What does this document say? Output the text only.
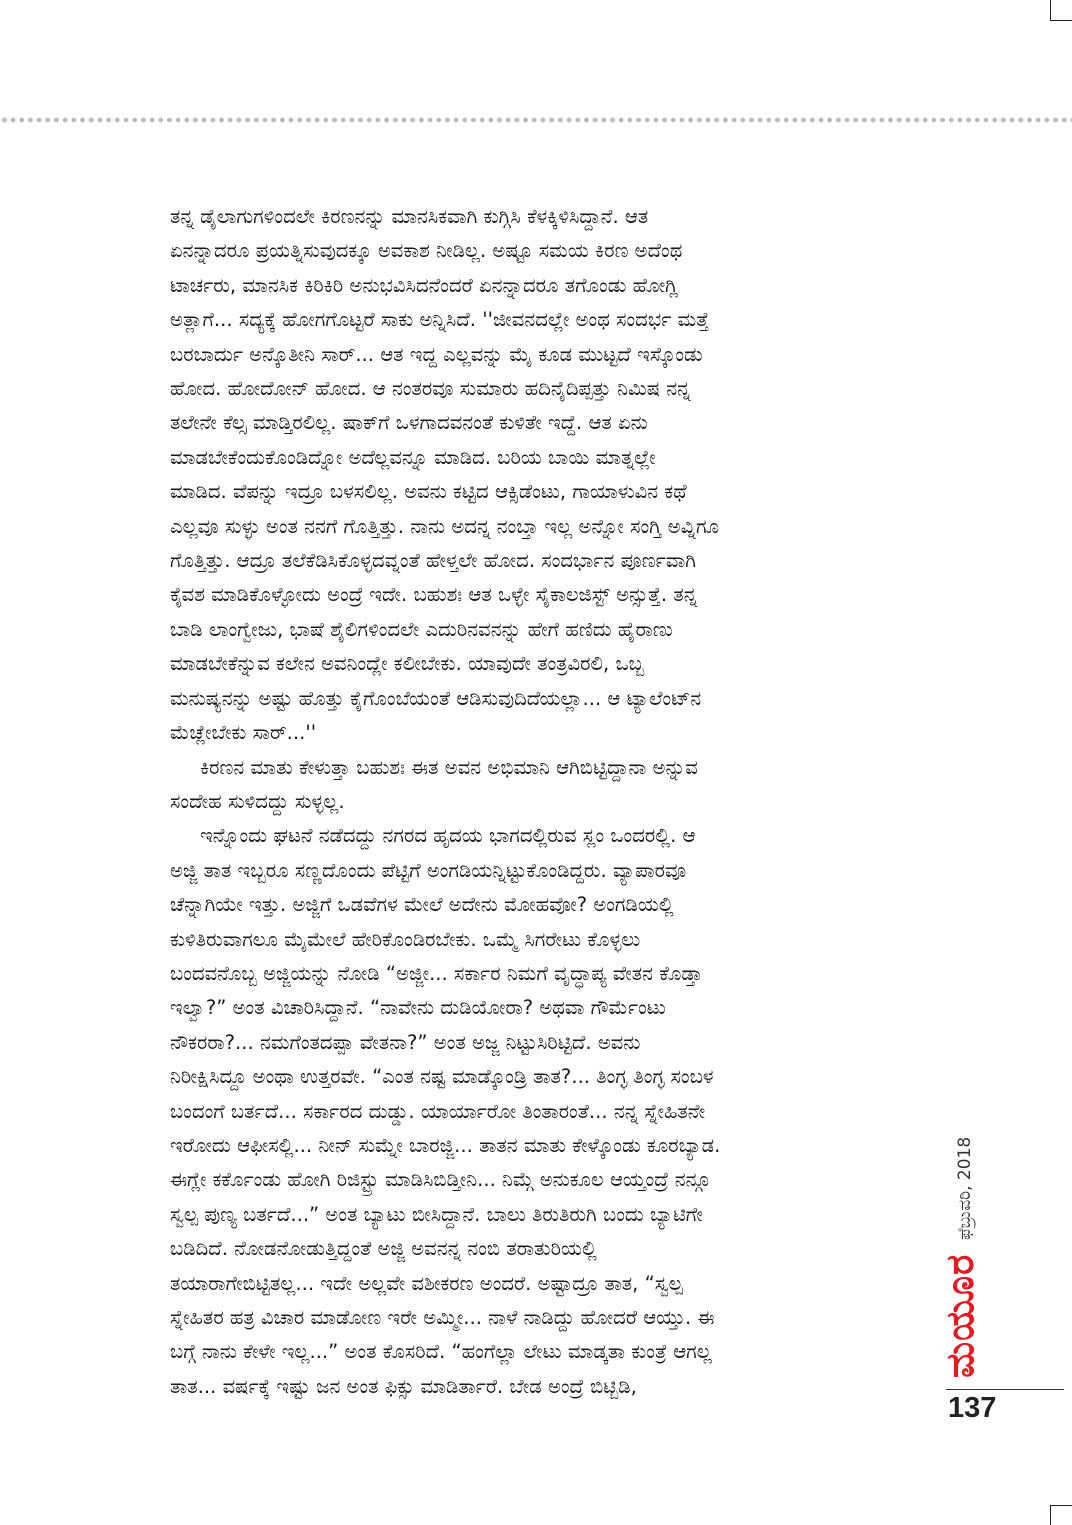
ತನ್ನ ಡೈಲಾಗುಗಳಿಂದಲೇ ಕಿರಣನನ್ನು ಮಾನಸಿಕವಾಗಿ ಕುಗ್ಗಿಸಿ ಕೆಳಕ್ಕಿಳಿಸಿದ್ದಾನೆ. ಆತ
ಏನನ್ನಾದರೂ ಪ್ರಯತ್ನಿಸುವುದಕ್ಕೂ ಅವಕಾಶ ನೀಡಿಲ್ಲ. ಅಷ್ಟೂ ಸಮಯ ಕಿರಣ ಅದೆಂಥ
ಟಾರ್ಚರು, ಮಾನಸಿಕ ಕಿರಿಕಿರಿ ಅನುಭವಿಸಿದನೆಂದರೆ ಏನನ್ನಾದರೂ ತಗೊಂಡು ಹೋಗ್ಲಿ
ಅತ್ಲಾಗೆ... ಸದ್ಯಕ್ಕೆ ಹೋಗಗೊಟ್ಟರೆ ಸಾಕು ಅನ್ನಿಸಿದೆ. ''ಜೀವನದಲ್ಲೇ ಅಂಥ ಸಂದರ್ಭ ಮತ್ತೆ
ಬರಬಾರ್ದು ಅನ್ಕೊತೀನಿ ಸಾರ್... ಆತ ಇದ್ದ ಎಲ್ಲವನ್ನು ಮೈ ಕೂಡ ಮುಟ್ಟದೆ ಇಸ್ಕೊಂಡು
ಹೋದ. ಹೋದೋನ್ ಹೋದ. ಆ ನಂತರವೂ ಸುಮಾರು ಹದಿನೈದಿಪ್ಪತ್ತು ನಿಮಿಷ ನನ್ನ
ತಲೇನೇ ಕೆಲ್ಸ ಮಾಡ್ತಿರಲಿಲ್ಲ. ಷಾಕ್‌ಗೆ ಒಳಗಾದವನಂತೆ ಕುಳಿತೇ ಇದ್ದೆ. ಆತ ಏನು
ಮಾಡಬೇಕೆಂದುಕೊಂಡಿದ್ನೋ ಅದೆಲ್ಲವನ್ನೂ ಮಾಡಿದ. ಬರಿಯ ಬಾಯಿ ಮಾತ್ನಲ್ಲೇ
ಮಾಡಿದ. ವೆಪನ್ನು ಇದ್ರೂ ಬಳಸಲಿಲ್ಲ. ಅವನು ಕಟ್ಟಿದ ಆಕ್ಸಿಡೆಂಟು, ಗಾಯಾಳುವಿನ ಕಥೆ
ಎಲ್ಲವೂ ಸುಳ್ಳು ಅಂತ ನನಗೆ ಗೊತ್ತಿತ್ತು. ನಾನು ಅದನ್ನ ನಂಬ್ತಾ ಇಲ್ಲ ಅನ್ನೋ ಸಂಗ್ತಿ ಅವ್ನಿಗೂ
ಗೊತ್ತಿತ್ತು. ಆದ್ರೂ ತಲೆಕೆಡಿಸಿಕೊಳ್ಳದವ್ನಂತೆ ಹೇಳ್ತಲೇ ಹೋದ. ಸಂದರ್ಭಾನ ಪೂರ್ಣವಾಗಿ
ಕೈವಶ ಮಾಡಿಕೊಳ್ಳೋದು ಅಂದ್ರೆ ಇದೇ. ಬಹುಶಃ ಆತ ಒಳ್ಳೇ ಸೈಕಾಲಜಿಸ್ಟ್ ಅನ್ಸುತ್ತೆ. ತನ್ನ
ಬಾಡಿ ಲಾಂಗ್ವೇಜು, ಭಾಷೆ ಶೈಲಿಗಳಿಂದಲೇ ಎದುರಿನವನನ್ನು ಹೇಗೆ ಹಣಿದು ಹೈರಾಣು
ಮಾಡಬೇಕೆನ್ನುವ ಕಲೇನ ಅವನಿಂದ್ಲೇ ಕಲೀಬೇಕು. ಯಾವುದೇ ತಂತ್ರವಿರಲಿ, ಒಬ್ಬ
ಮನುಷ್ಯನನ್ನು ಅಷ್ಟು ಹೊತ್ತು ಕೈಗೊಂಬೆಯಂತೆ ಆಡಿಸುವುದಿದೆಯಲ್ಲಾ... ಆ ಟ್ಯಾಲೆಂಟ್‌ನ
ಮೆಚ್ಲೇಬೇಕು ಸಾರ್...''
ಕಿರಣನ ಮಾತು ಕೇಳುತ್ತಾ ಬಹುಶಃ ಈತ ಅವನ ಅಭಿಮಾನಿ ಆಗಿಬಿಟ್ಟಿದ್ದಾನಾ ಅನ್ನುವ
ಸಂದೇಹ ಸುಳಿದದ್ದು ಸುಳ್ಳಲ್ಲ.
ಇನ್ನೊಂದು ಘಟನೆ ನಡೆದದ್ದು ನಗರದ ಹೃದಯ ಭಾಗದಲ್ಲಿರುವ ಸ್ಲಂ ಒಂದರಲ್ಲಿ. ಆ
ಅಜ್ಜಿ ತಾತ ಇಬ್ಬರೂ ಸಣ್ಣದೊಂದು ಪೆಟ್ಟಿಗೆ ಅಂಗಡಿಯನ್ನಿಟ್ಟುಕೊಂಡಿದ್ದರು. ವ್ಯಾಪಾರವೂ
ಚೆನ್ನಾಗಿಯೇ ಇತ್ತು. ಅಜ್ಜಿಗೆ ಒಡವೆಗಳ ಮೇಲೆ ಅದೇನು ಮೋಹವೋ? ಅಂಗಡಿಯಲ್ಲಿ
ಕುಳಿತಿರುವಾಗಲೂ ಮೈಮೇಲೆ ಹೇರಿಕೊಂಡಿರಬೇಕು. ಒಮ್ಮೆ ಸಿಗರೇಟು ಕೊಳ್ಳಲು
ಬಂದವನೊಬ್ಬ ಅಜ್ಜಿಯನ್ನು ನೋಡಿ “ಅಜ್ಜೀ... ಸರ್ಕಾರ ನಿಮಗೆ ವೃದ್ಧಾಪ್ಯ ವೇತನ ಕೊಡ್ತಾ
ಇಲ್ವಾ?” ಅಂತ ವಿಚಾರಿಸಿದ್ದಾನೆ. “ನಾವೇನು ದುಡಿಯೋರಾ? ಅಥವಾ ಗೌರ್ಮೆಂಟು
ನೌಕರರಾ?... ನಮಗೆಂತದಪ್ಪಾ ವೇತನಾ?” ಅಂತ ಅಜ್ಜ ನಿಟ್ಟುಸಿರಿಟ್ಟಿದೆ. ಅವನು
ನಿರೀಕ್ಷಿಸಿದ್ದೂ ಅಂಥಾ ಉತ್ತರವೇ. “ಎಂತ ನಷ್ಟ ಮಾಡ್ಕೊಂಡ್ರಿ ತಾತ?... ತಿಂಗ್ಳ ತಿಂಗ್ಳ ಸಂಬಳ
ಬಂದಂಗೆ ಬರ್ತದೆ... ಸರ್ಕಾರದ ದುಡ್ಡು. ಯಾರ್ಯಾರೋ ತಿಂತಾರಂತೆ... ನನ್ನ ಸ್ನೇಹಿತನೇ
ಇರೋದು ಆಫೀಸಲ್ಲಿ... ನೀನ್ ಸುಮ್ನೇ ಬಾರಜ್ಜಿ... ತಾತನ ಮಾತು ಕೇಳ್ಕೊಂಡು ಕೂರಬ್ಯಾಡ.
ಈಗ್ಲೇ ಕರ್ಕೊಂಡು ಹೋಗಿ ರಿಜಿಸ್ಟ್ರು ಮಾಡಿಸಿಬಿಡ್ತೀನಿ... ನಿಮ್ಗೆ ಅನುಕೂಲ ಆಯ್ತಂದ್ರೆ ನನ್ಗೂ
ಸ್ವಲ್ಪ ಪುಣ್ಯ ಬರ್ತದೆ...” ಅಂತ ಬ್ಯಾಟು ಬೀಸಿದ್ದಾನೆ. ಬಾಲು ತಿರುತಿರುಗಿ ಬಂದು ಬ್ಯಾಟಿಗೇ
ಬಡಿದಿದೆ. ನೋಡನೋಡುತ್ತಿದ್ದಂತೆ ಅಜ್ಜಿ ಅವನನ್ನ ನಂಬಿ ತರಾತುರಿಯಲ್ಲಿ
ತಯಾರಾಗೇಬಿಟ್ಟಿತಲ್ಲ... ಇದೇ ಅಲ್ಲವೇ ವಶೀಕರಣ ಅಂದರೆ. ಅಷ್ಟಾದ್ರೂ ತಾತ, “ಸ್ವಲ್ಪ
ಸ್ನೇಹಿತರ ಹತ್ರ ವಿಚಾರ ಮಾಡೋಣ ಇರೇ ಅಮ್ಮೀ... ನಾಳೆ ನಾಡಿದ್ದು ಹೋದರೆ ಆಯ್ತು. ಈ
ಬಗ್ಗೆ ನಾನು ಕೇಳೇ ಇಲ್ಲ...” ಅಂತ ಕೊಸರಿದೆ. “ಹಂಗೆಲ್ಲಾ ಲೇಟು ಮಾಡ್ಕತಾ ಕುಂತ್ರೆ ಆಗಲ್ಲ
ತಾತ... ವರ್ಷಕ್ಕೆ ಇಷ್ಟು ಜನ ಅಂತ ಫಿಕ್ಸು ಮಾಡಿರ್ತಾರೆ. ಬೇಡ ಅಂದ್ರೆ ಬಿಟ್ಬಿಡಿ,
ಫೆಬ್ರುವರಿ, 2018
ಮಯೂರ
137
